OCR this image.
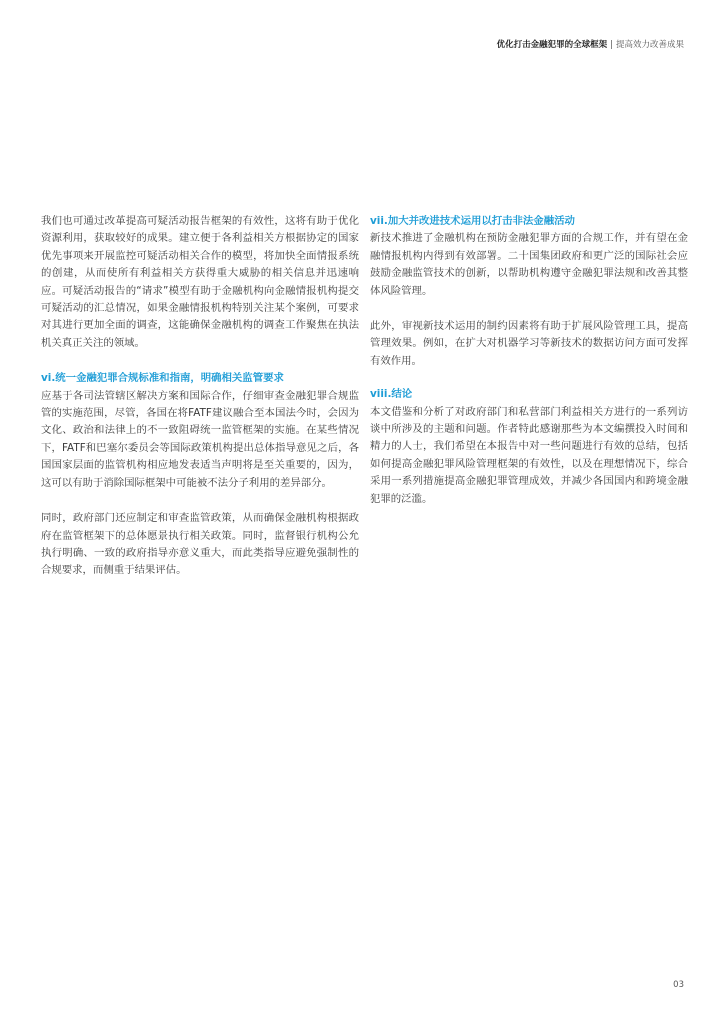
优化打击金融犯罪的全球框架 | 提高效力改善成果

我们也可通过改革提高可疑活动报告框架的有效性，这将有助于优化资源利用，获取较好的成果。建立便于各利益相关方根据协定的国家优先事项来开展监控可疑活动相关合作的模型，将加快全面情报系统的创建，从而使所有利益相关方获得重大威胁的相关信息并迅速响应。可疑活动报告的“请求”模型有助于金融机构向金融情报机构提交可疑活动的汇总情况，如果金融情报机构特别关注某个案例，可要求对其进行更加全面的调查，这能确保金融机构的调查工作聚焦在执法机关真正关注的领域。

vi.统一金融犯罪合规标准和指南，明确相关监管要求

应基于各司法管辖区解决方案和国际合作，仔细审查金融犯罪合规监管的实施范围，尽管，各国在将FATF建议融合至本国法今时，会因为文化、政治和法律上的不一致阻碍统一监管框架的实施。在某些情况下，FATF和巴塞尔委员会等国际政策机构提出总体指导意见之后，各国国家层面的监管机构相应地发表适当声明将是至关重要的，因为，这可以有助于消除国际框架中可能被不法分子利用的差异部分。

同时，政府部门还应制定和审查监管政策，从而确保金融机构根据政府在监管框架下的总体愿景执行相关政策。同时，监督银行机构公允执行明确、一致的政府指导亦意义重大，而此类指导应避免强制性的合规要求，而侧重于结果评估。

vii.加大并改进技术运用以打击非法金融活动

新技术推进了金融机构在预防金融犯罪方面的合规工作，并有望在金融情报机构内得到有效部署。二十国集团政府和更广泛的国际社会应鼓励金融监管技术的创新，以帮助机构遵守金融犯罪法规和改善其整体风险管理。

此外，审视新技术运用的制约因素将有助于扩展风险管理工具，提高管理效果。例如，在扩大对机器学习等新技术的数据访问方面可发挥有效作用。

viii.结论

本文借鉴和分析了对政府部门和私营部门利益相关方进行的一系列访谈中所涉及的主题和问题。作者特此感谢那些为本文编撰投入时间和精力的人士，我们希望在本报告中对一些问题进行有效的总结，包括如何提高金融犯罪风险管理框架的有效性，以及在理想情况下，综合采用一系列措施提高金融犯罪管理成效，并减少各国国内和跨境金融犯罪的泛滥。

03
